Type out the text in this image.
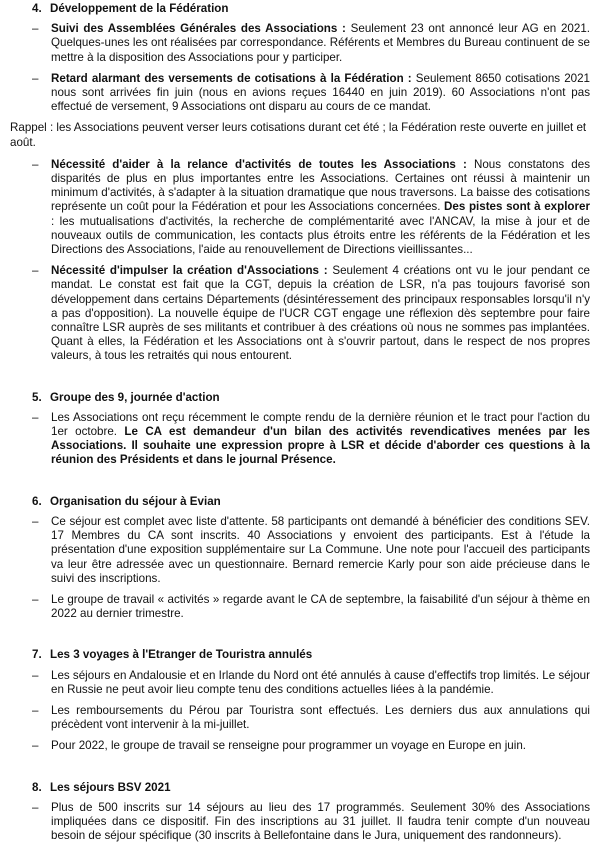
4. Développement de la Fédération
– Suivi des Assemblées Générales des Associations : Seulement 23 ont annoncé leur AG en 2021. Quelques-unes les ont réalisées par correspondance. Référents et Membres du Bureau continuent de se mettre à la disposition des Associations pour y participer.
– Retard alarmant des versements de cotisations à la Fédération : Seulement 8650 cotisations 2021 nous sont arrivées fin juin (nous en avions reçues 16440 en juin 2019). 60 Associations n'ont pas effectué de versement, 9 Associations ont disparu au cours de ce mandat.

Rappel : les Associations peuvent verser leurs cotisations durant cet été ; la Fédération reste ouverte en juillet et août.

– Nécessité d'aider à la relance d'activités de toutes les Associations : Nous constatons des disparités de plus en plus importantes entre les Associations. Certaines ont réussi à maintenir un minimum d'activités, à s'adapter à la situation dramatique que nous traversons. La baisse des cotisations représente un coût pour la Fédération et pour les Associations concernées. Des pistes sont à explorer : les mutualisations d'activités, la recherche de complémentarité avec l'ANCAV, la mise à jour et de nouveaux outils de communication, les contacts plus étroits entre les référents de la Fédération et les Directions des Associations, l'aide au renouvellement de Directions vieillissantes...
– Nécessité d'impulser la création d'Associations : Seulement 4 créations ont vu le jour pendant ce mandat. Le constat est fait que la CGT, depuis la création de LSR, n'a pas toujours favorisé son développement dans certains Départements (désintéressement des principaux responsables lorsqu'il n'y a pas d'opposition). La nouvelle équipe de l'UCR CGT engage une réflexion dès septembre pour faire connaître LSR auprès de ses militants et contribuer à des créations où nous ne sommes pas implantées. Quant à elles, la Fédération et les Associations ont à s'ouvrir partout, dans le respect de nos propres valeurs, à tous les retraités qui nous entourent.
5. Groupe des 9, journée d'action
– Les Associations ont reçu récemment le compte rendu de la dernière réunion et le tract pour l'action du 1er octobre. Le CA est demandeur d'un bilan des activités revendicatives menées par les Associations. Il souhaite une expression propre à LSR et décide d'aborder ces questions à la réunion des Présidents et dans le journal Présence.
6. Organisation du séjour à Evian
– Ce séjour est complet avec liste d'attente. 58 participants ont demandé à bénéficier des conditions SEV. 17 Membres du CA sont inscrits. 40 Associations y envoient des participants. Est à l'étude la présentation d'une exposition supplémentaire sur La Commune. Une note pour l'accueil des participants va leur être adressée avec un questionnaire. Bernard remercie Karly pour son aide précieuse dans le suivi des inscriptions.
– Le groupe de travail « activités » regarde avant le CA de septembre, la faisabilité d'un séjour à thème en 2022 au dernier trimestre.
7. Les 3 voyages à l'Etranger de Touristra annulés
– Les séjours en Andalousie et en Irlande du Nord ont été annulés à cause d'effectifs trop limités. Le séjour en Russie ne peut avoir lieu compte tenu des conditions actuelles liées à la pandémie.
– Les remboursements du Pérou par Touristra sont effectués. Les derniers dus aux annulations qui précèdent vont intervenir à la mi-juillet.
– Pour 2022, le groupe de travail se renseigne pour programmer un voyage en Europe en juin.
8. Les séjours BSV 2021
– Plus de 500 inscrits sur 14 séjours au lieu des 17 programmés. Seulement 30% des Associations impliquées dans ce dispositif. Fin des inscriptions au 31 juillet. Il faudra tenir compte d'un nouveau besoin de séjour spécifique (30 inscrits à Bellefontaine dans le Jura, uniquement des randonneurs).
